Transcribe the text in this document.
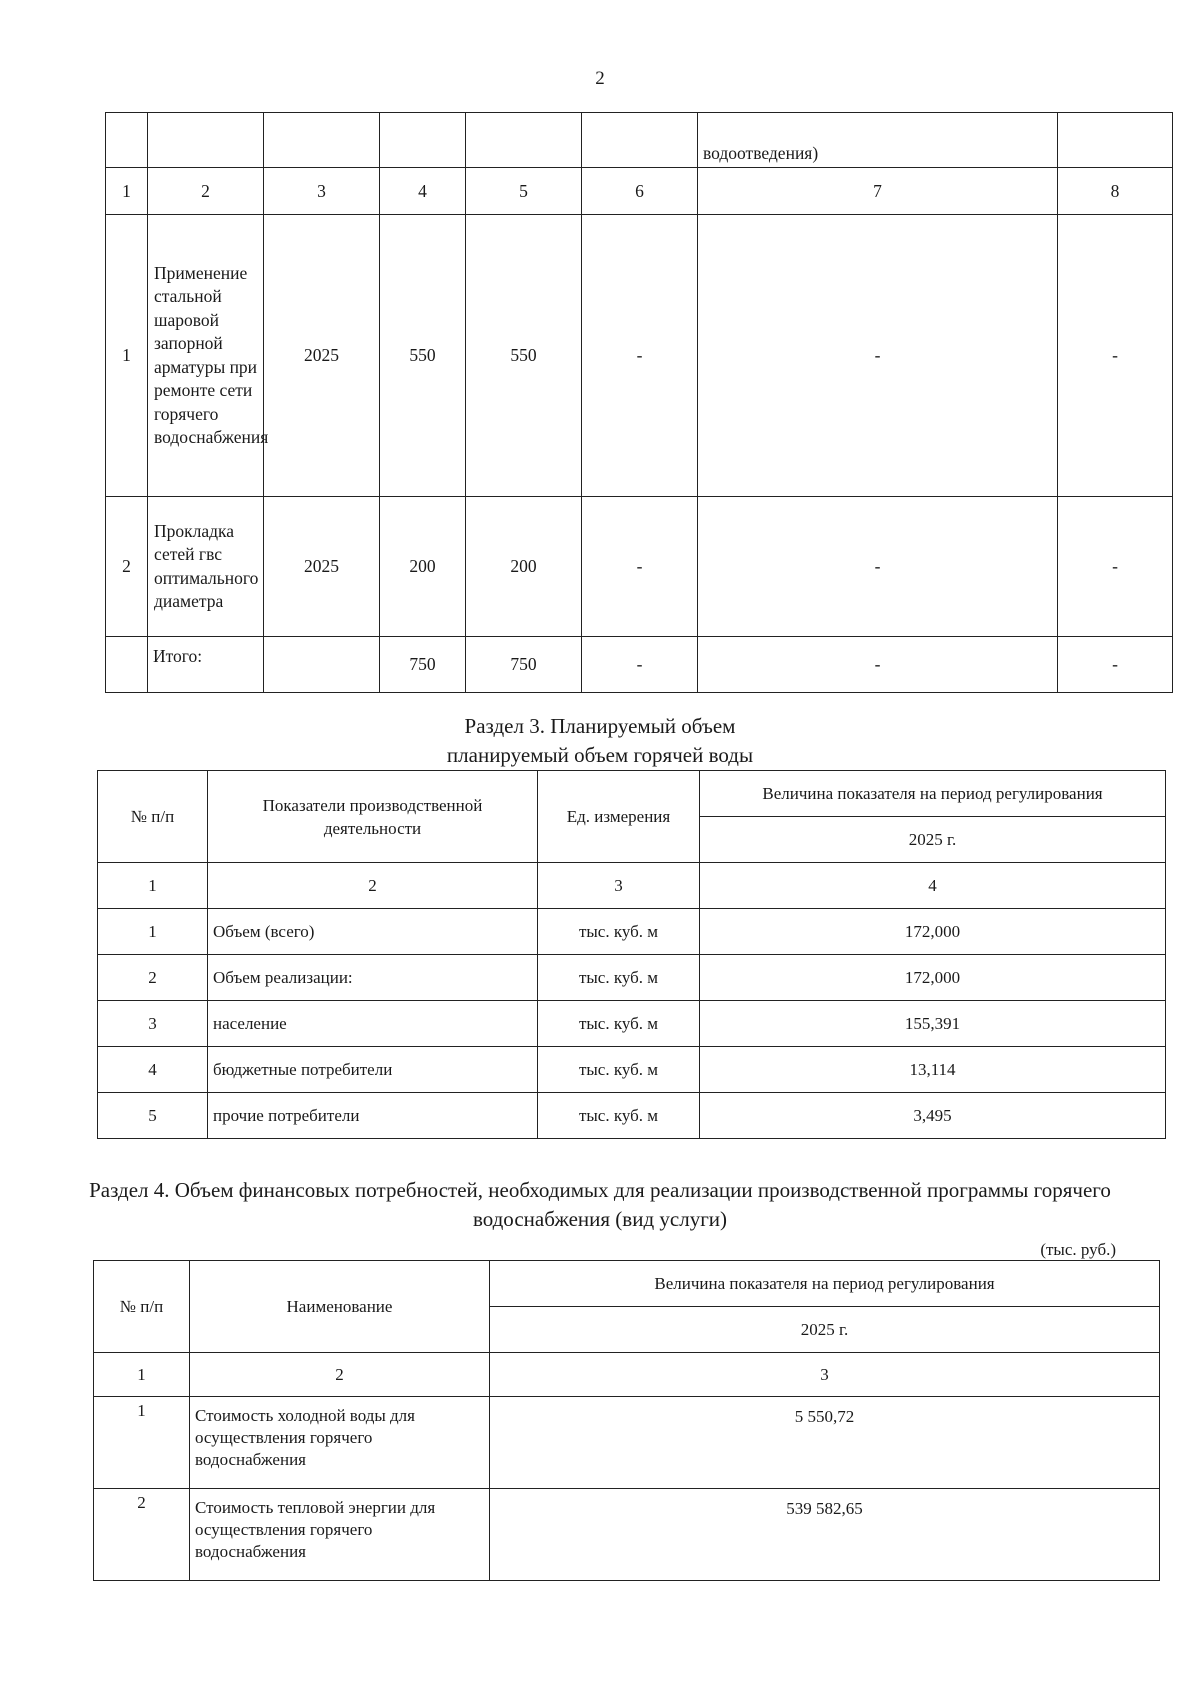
2
						водоотведения)	
1	2	3	4	5	6	7	8
1	Применение стальной шаровой запорной арматуры при ремонте сети горячего водоснабжения	2025	550	550	-	-	-
2	Прокладка сетей гвс оптимального диаметра	2025	200	200	-	-	-
	Итого:		750	750	-	-	-
Раздел 3. Планируемый объем
планируемый объем горячей воды
№ п/п	Показатели производственной деятельности	Ед. измерения	Величина показателя на период регулирования
			2025 г.
1	2	3	4
1	Объем (всего)	тыс. куб. м	172,000
2	Объем реализации:	тыс. куб. м	172,000
3	население	тыс. куб. м	155,391
4	бюджетные потребители	тыс. куб. м	13,114
5	прочие потребители	тыс. куб. м	3,495
Раздел 4. Объем финансовых потребностей, необходимых для реализации производственной программы горячего водоснабжения (вид услуги)
(тыс. руб.)
№ п/п	Наименование	Величина показателя на период регулирования
		2025 г.
1	2	3
1	Стоимость холодной воды для осуществления горячего водоснабжения	5 550,72
2	Стоимость тепловой энергии для осуществления горячего водоснабжения	539 582,65
